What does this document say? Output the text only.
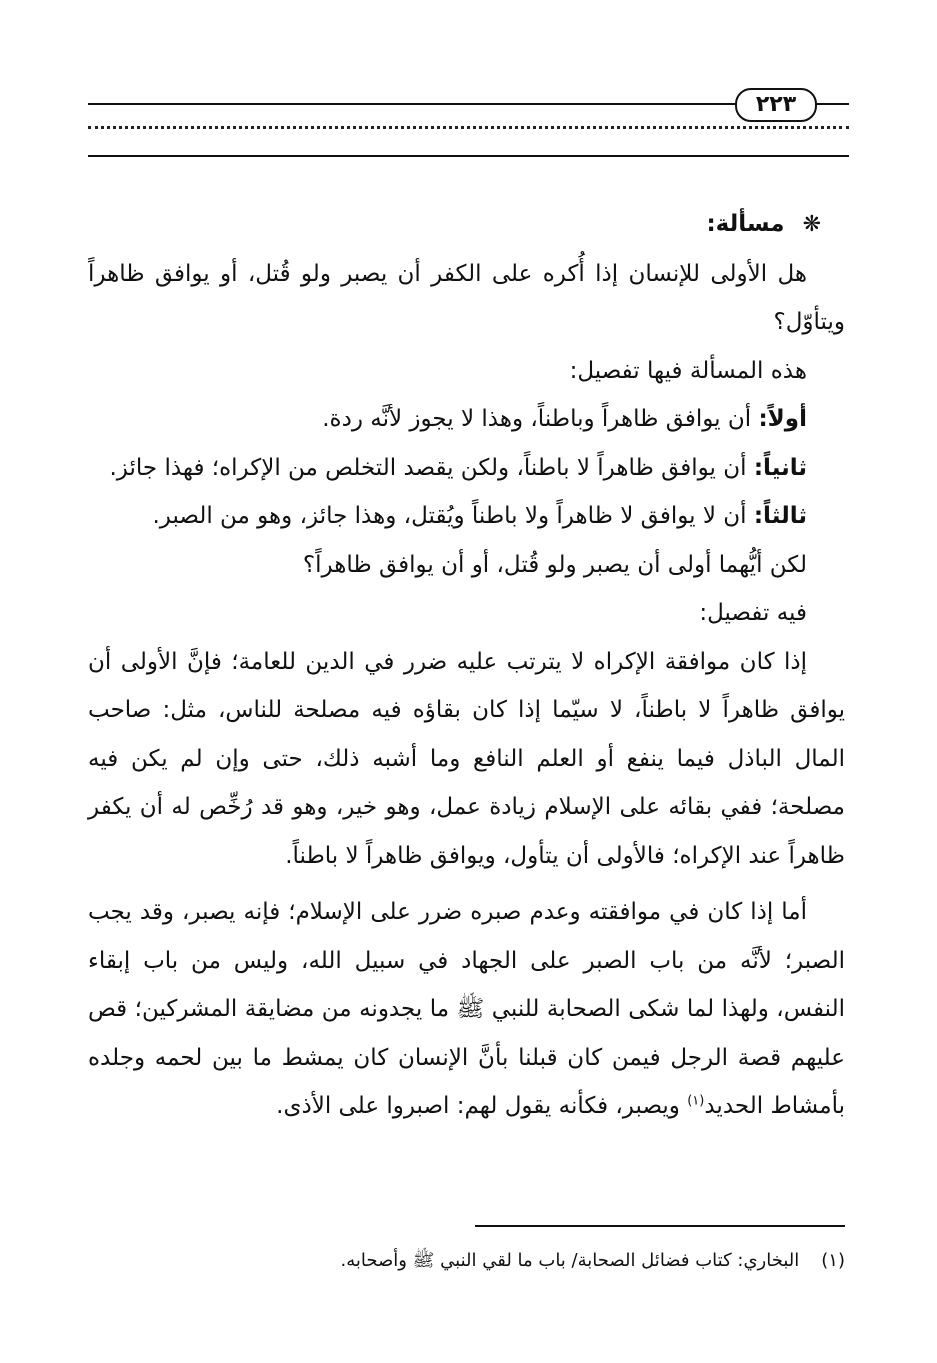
٢٢٣

❋مسألة:

هل الأولى للإنسان إذا أُكره على الكفر أن يصبر ولو قُتل، أو يوافق ظاهراً ويتأوّل؟

هذه المسألة فيها تفصيل:

أولاً: أن يوافق ظاهراً وباطناً، وهذا لا يجوز لأنَّه ردة.

ثانياً: أن يوافق ظاهراً لا باطناً، ولكن يقصد التخلص من الإكراه؛ فهذا جائز.

ثالثاً: أن لا يوافق لا ظاهراً ولا باطناً ويُقتل، وهذا جائز، وهو من الصبر.

لكن أيُّهما أولى أن يصبر ولو قُتل، أو أن يوافق ظاهراً؟

فيه تفصيل:

إذا كان موافقة الإكراه لا يترتب عليه ضرر في الدين للعامة؛ فإنَّ الأولى أن يوافق ظاهراً لا باطناً، لا سيّما إذا كان بقاؤه فيه مصلحة للناس، مثل: صاحب المال الباذل فيما ينفع أو العلم النافع وما أشبه ذلك، حتى وإن لم يكن فيه مصلحة؛ ففي بقائه على الإسلام زيادة عمل، وهو خير، وهو قد رُخِّص له أن يكفر ظاهراً عند الإكراه؛ فالأولى أن يتأول، ويوافق ظاهراً لا باطناً.

أما إذا كان في موافقته وعدم صبره ضرر على الإسلام؛ فإنه يصبر، وقد يجب الصبر؛ لأنَّه من باب الصبر على الجهاد في سبيل الله، وليس من باب إبقاء النفس، ولهذا لما شكى الصحابة للنبي ﷺ ما يجدونه من مضايقة المشركين؛ قص عليهم قصة الرجل فيمن كان قبلنا بأنَّ الإنسان كان يمشط ما بين لحمه وجلده بأمشاط الحديد$^{(١)}$ ويصبر، فكأنه يقول لهم: اصبروا على الأذى.

(١)البخاري: كتاب فضائل الصحابة/ باب ما لقي النبي ﷺ وأصحابه.
